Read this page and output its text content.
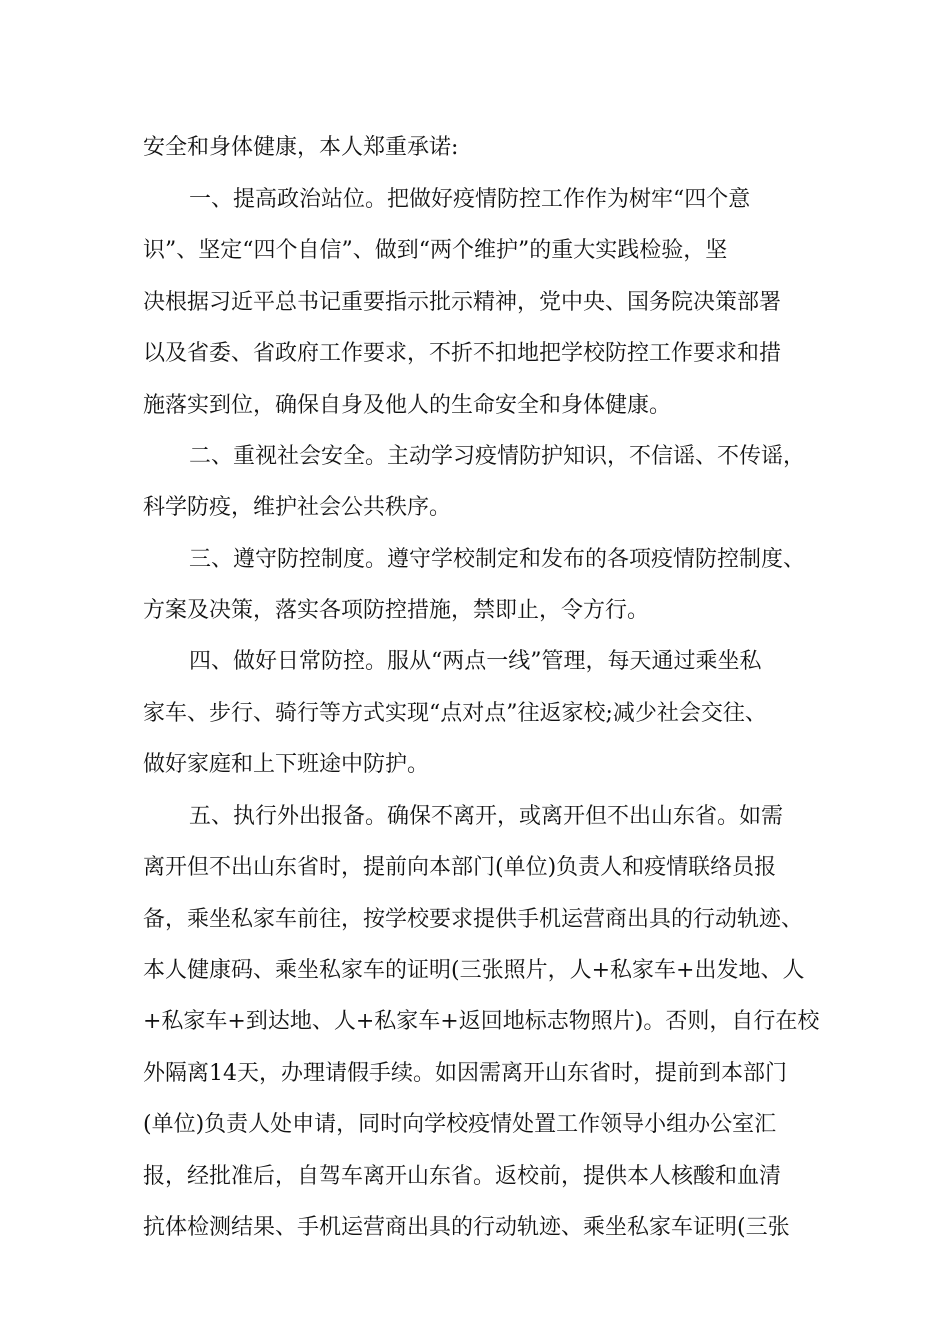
安全和身体健康，本人郑重承诺:

一、提高政治站位。把做好疫情防控工作作为树牢“四个意

识”、坚定“四个自信”、做到“两个维护”的重大实践检验，坚

决根据习近平总书记重要指示批示精神，党中央、国务院决策部署

以及省委、省政府工作要求，不折不扣地把学校防控工作要求和措

施落实到位，确保自身及他人的生命安全和身体健康。

二、重视社会安全。主动学习疫情防护知识，不信谣、不传谣，

科学防疫，维护社会公共秩序。

三、遵守防控制度。遵守学校制定和发布的各项疫情防控制度、

方案及决策，落实各项防控措施，禁即止，令方行。

四、做好日常防控。服从“两点一线”管理，每天通过乘坐私

家车、步行、骑行等方式实现“点对点”往返家校;减少社会交往、

做好家庭和上下班途中防护。

五、执行外出报备。确保不离开，或离开但不出山东省。如需

离开但不出山东省时，提前向本部门(单位)负责人和疫情联络员报

备，乘坐私家车前往，按学校要求提供手机运营商出具的行动轨迹、

本人健康码、乘坐私家车的证明(三张照片，人+私家车+出发地、人

+私家车+到达地、人+私家车+返回地标志物照片)。否则，自行在校

外隔离14天，办理请假手续。如因需离开山东省时，提前到本部门

(单位)负责人处申请，同时向学校疫情处置工作领导小组办公室汇

报，经批准后，自驾车离开山东省。返校前，提供本人核酸和血清

抗体检测结果、手机运营商出具的行动轨迹、乘坐私家车证明(三张
